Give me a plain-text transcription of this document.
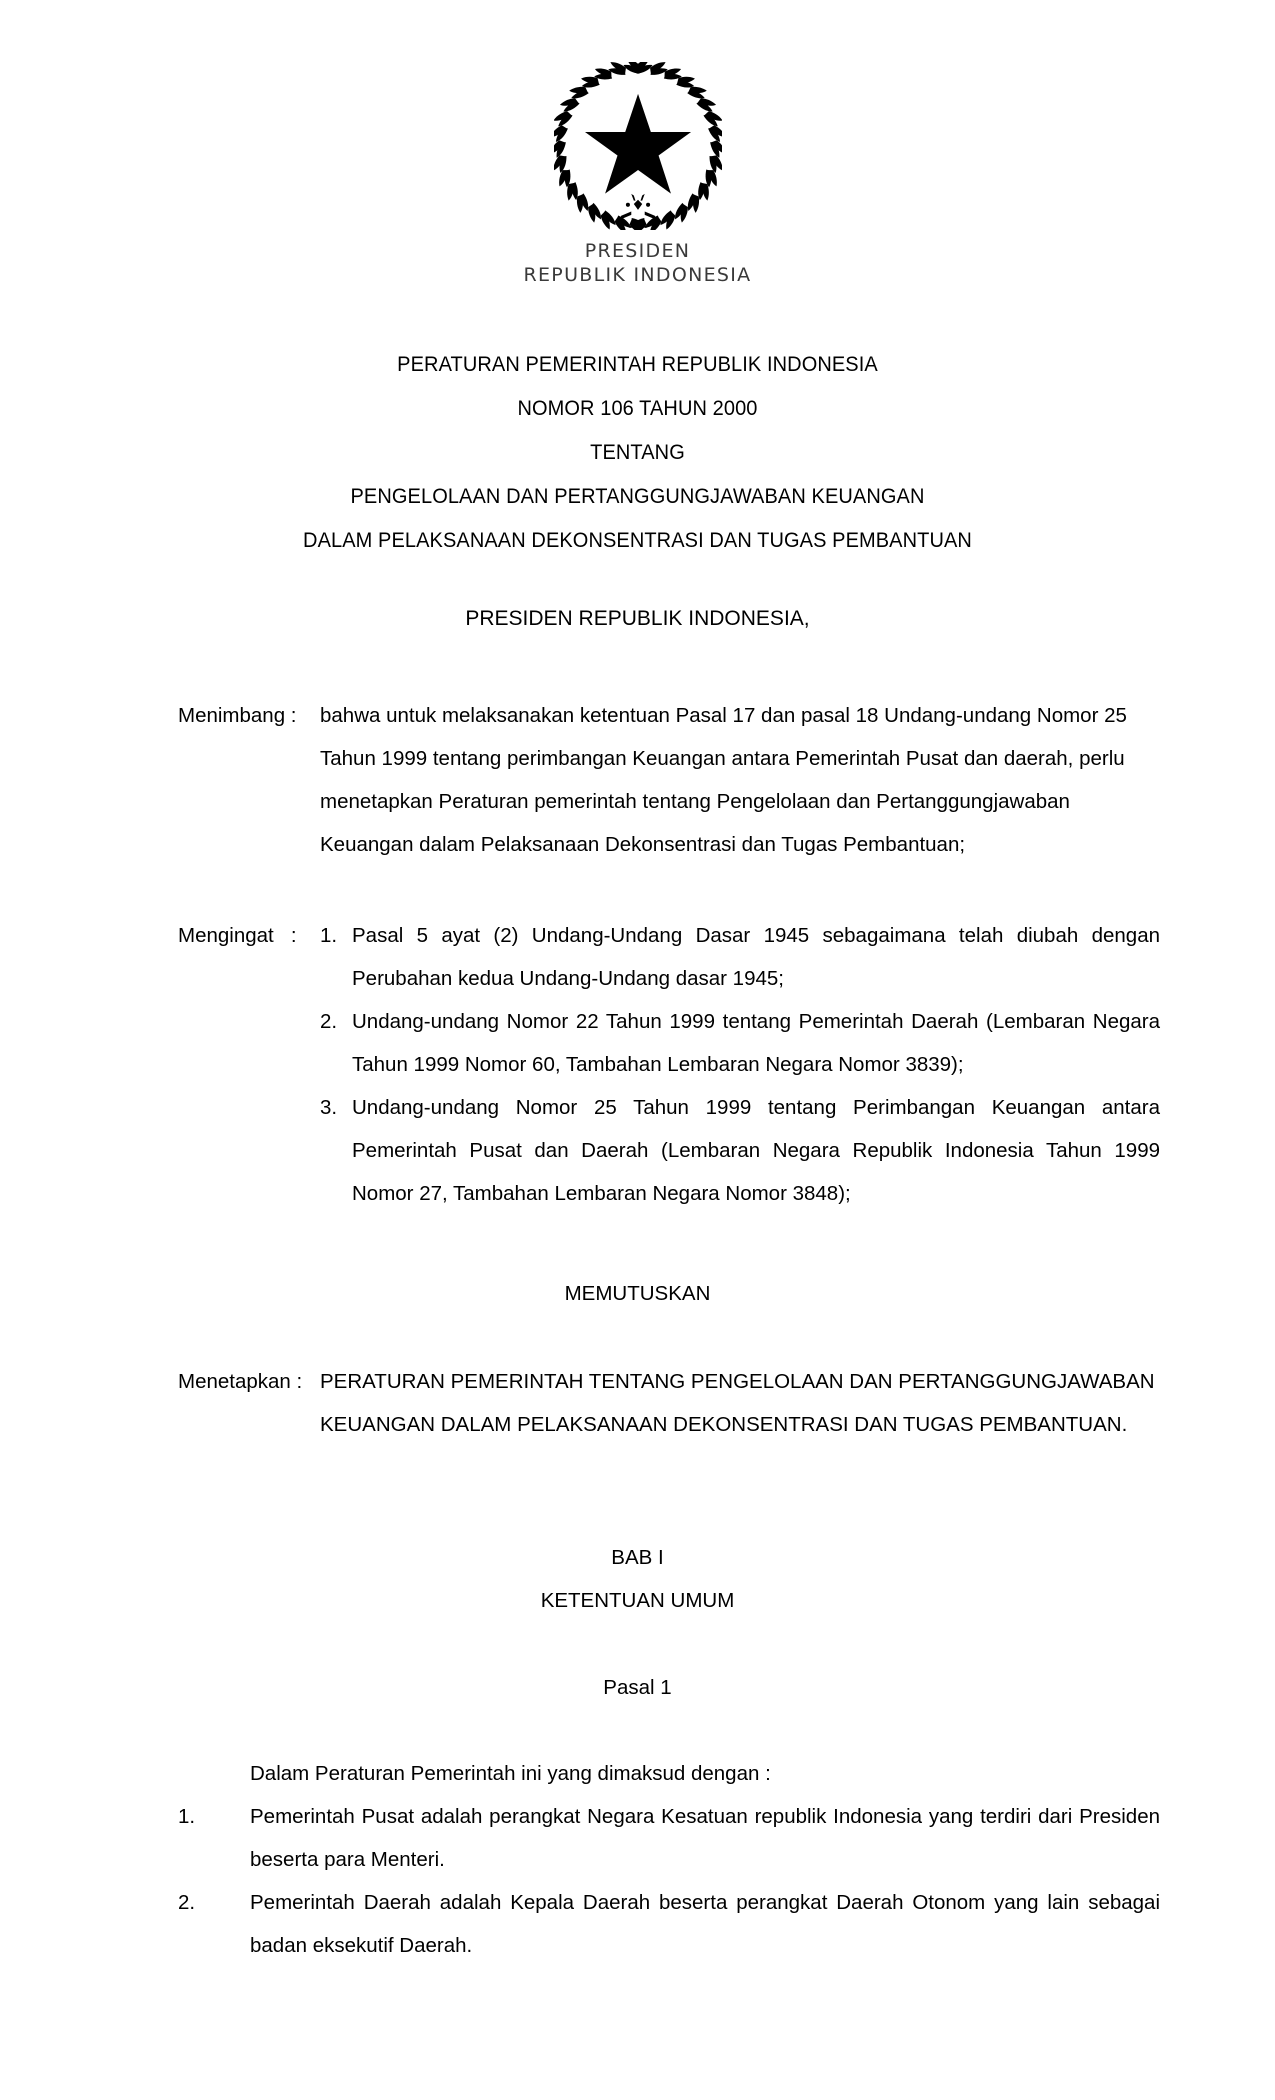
PRESIDEN
REPUBLIK INDONESIA
PERATURAN PEMERINTAH REPUBLIK INDONESIA
NOMOR 106 TAHUN 2000
TENTANG
PENGELOLAAN DAN PERTANGGUNGJAWABAN KEUANGAN
DALAM PELAKSANAAN DEKONSENTRASI DAN TUGAS PEMBANTUAN
PRESIDEN REPUBLIK INDONESIA,
Menimbang :	bahwa untuk melaksanakan ketentuan Pasal 17 dan pasal 18 Undang-undang Nomor 25 Tahun 1999 tentang perimbangan Keuangan antara Pemerintah Pusat dan daerah, perlu menetapkan Peraturan pemerintah tentang Pengelolaan dan Pertanggungjawaban Keuangan dalam Pelaksanaan Dekonsentrasi dan Tugas Pembantuan;

Mengingat   :	1. Pasal 5 ayat (2) Undang-Undang Dasar 1945 sebagaimana telah diubah dengan Perubahan kedua Undang-Undang dasar 1945;
2. Undang-undang Nomor 22 Tahun 1999 tentang Pemerintah Daerah (Lembaran Negara Tahun 1999 Nomor 60, Tambahan Lembaran Negara Nomor 3839);
3. Undang-undang Nomor 25 Tahun 1999 tentang Perimbangan Keuangan antara Pemerintah Pusat dan Daerah (Lembaran Negara Republik Indonesia Tahun 1999 Nomor 27, Tambahan Lembaran Negara Nomor 3848);
MEMUTUSKAN
Menetapkan : PERATURAN PEMERINTAH TENTANG PENGELOLAAN DAN PERTANGGUNGJAWABAN KEUANGAN DALAM PELAKSANAAN DEKONSENTRASI DAN TUGAS PEMBANTUAN.

BAB I
KETENTUAN UMUM
Pasal 1

Dalam Peraturan Pemerintah ini yang dimaksud dengan :

1.	Pemerintah Pusat adalah perangkat Negara Kesatuan republik Indonesia yang terdiri dari Presiden beserta para Menteri.
2.	Pemerintah Daerah adalah Kepala Daerah beserta perangkat Daerah Otonom yang lain sebagai badan eksekutif Daerah.
